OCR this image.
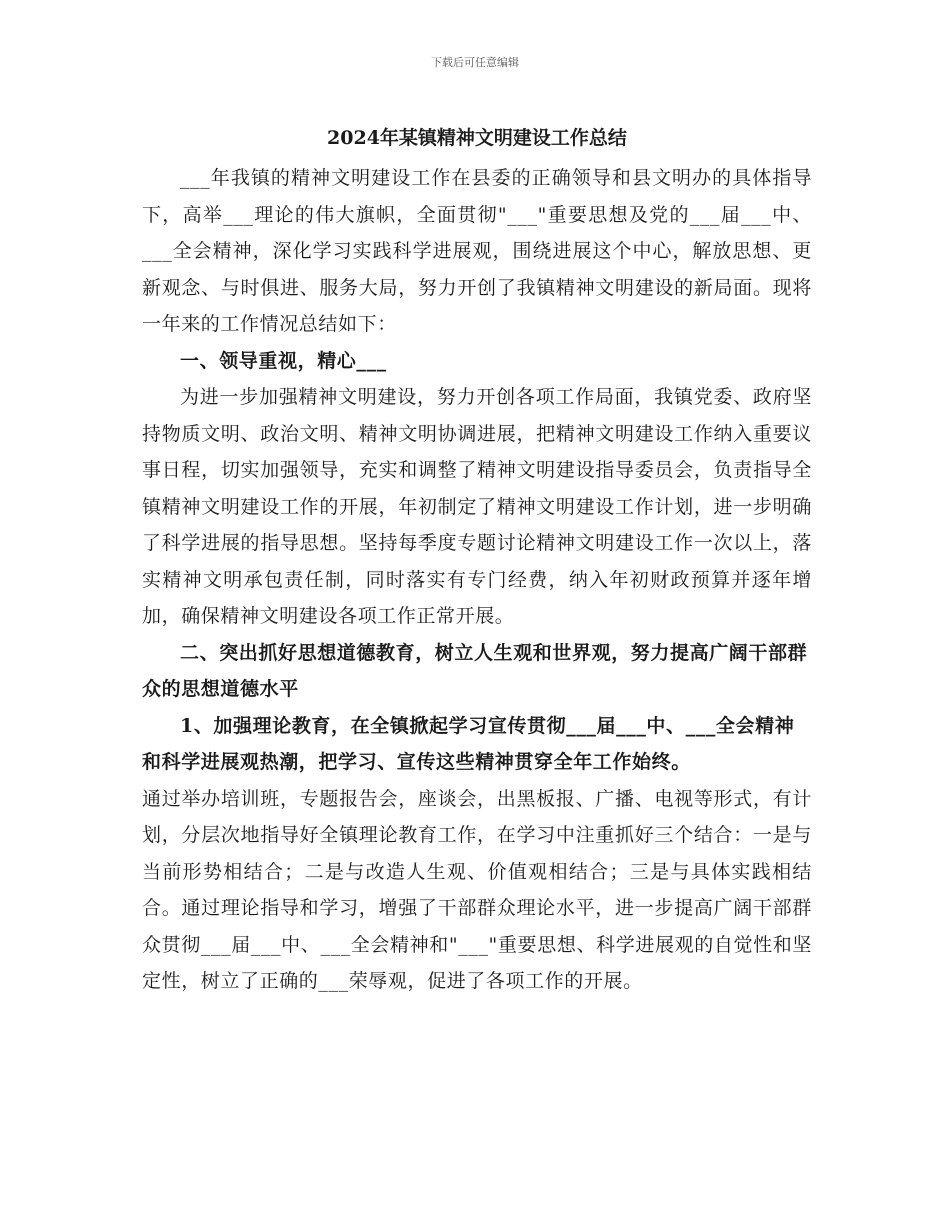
下载后可任意编辑
2024年某镇精神文明建设工作总结

___年我镇的精神文明建设工作在县委的正确领导和县文明办的具体指导下，高举___理论的伟大旗帜，全面贯彻"___"重要思想及党的___届___中、___全会精神，深化学习实践科学进展观，围绕进展这个中心，解放思想、更新观念、与时俱进、服务大局，努力开创了我镇精神文明建设的新局面。现将一年来的工作情况总结如下：

一、领导重视，精心___

为进一步加强精神文明建设，努力开创各项工作局面，我镇党委、政府坚持物质文明、政治文明、精神文明协调进展，把精神文明建设工作纳入重要议事日程，切实加强领导，充实和调整了精神文明建设指导委员会，负责指导全镇精神文明建设工作的开展，年初制定了精神文明建设工作计划，进一步明确了科学进展的指导思想。坚持每季度专题讨论精神文明建设工作一次以上，落实精神文明承包责任制，同时落实有专门经费，纳入年初财政预算并逐年增加，确保精神文明建设各项工作正常开展。

二、突出抓好思想道德教育，树立人生观和世界观，努力提高广阔干部群众的思想道德水平

1、加强理论教育，在全镇掀起学习宣传贯彻___届___中、___全会精神和科学进展观热潮，把学习、宣传这些精神贯穿全年工作始终。

通过举办培训班，专题报告会，座谈会，出黑板报、广播、电视等形式，有计划，分层次地指导好全镇理论教育工作，在学习中注重抓好三个结合：一是与当前形势相结合；二是与改造人生观、价值观相结合；三是与具体实践相结合。通过理论指导和学习，增强了干部群众理论水平，进一步提高广阔干部群众贯彻___届___中、___全会精神和"___"重要思想、科学进展观的自觉性和坚定性，树立了正确的___荣辱观，促进了各项工作的开展。
